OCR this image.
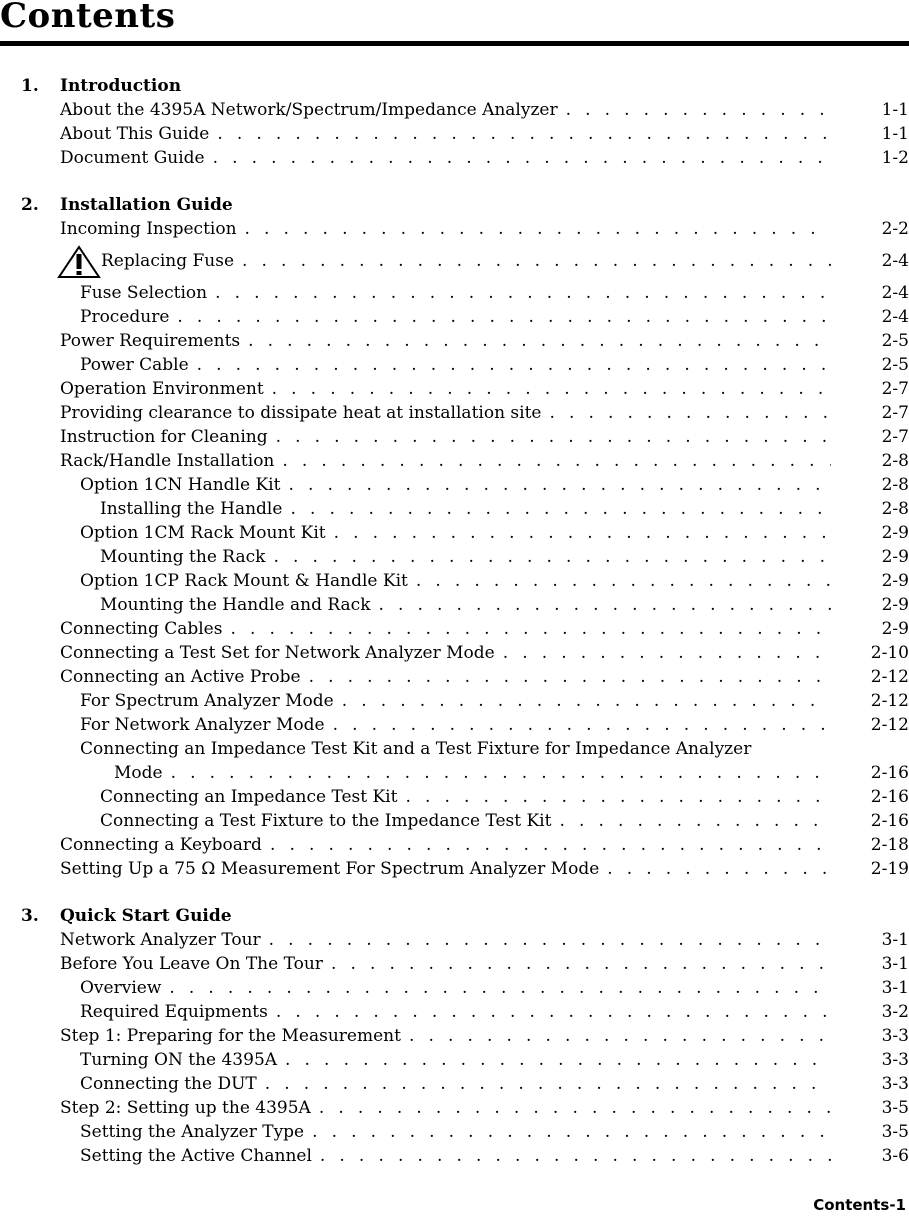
Contents
1. Introduction
About the 4395A Network/Spectrum/Impedance Analyzer . . .	1-1
About This Guide . . .	1-1
Document Guide . . .	1-2
2. Installation Guide
Incoming Inspection . . .	2-2
Replacing Fuse . . .	2-4
Fuse Selection . . .	2-4
Procedure . . .	2-4
Power Requirements . . .	2-5
Power Cable . . .	2-5
Operation Environment . . .	2-7
Providing clearance to dissipate heat at installation site . . .	2-7
Instruction for Cleaning . . .	2-7
Rack/Handle Installation . . .	2-8
Option 1CN Handle Kit . . .	2-8
Installing the Handle . . .	2-8
Option 1CM Rack Mount Kit . . .	2-9
Mounting the Rack . . .	2-9
Option 1CP Rack Mount & Handle Kit . . .	2-9
Mounting the Handle and Rack . . .	2-9
Connecting Cables . . .	2-9
Connecting a Test Set for Network Analyzer Mode . . .	2-10
Connecting an Active Probe . . .	2-12
For Spectrum Analyzer Mode . . .	2-12
For Network Analyzer Mode . . .	2-12
Connecting an Impedance Test Kit and a Test Fixture for Impedance Analyzer
Mode . . .	2-16
Connecting an Impedance Test Kit . . .	2-16
Connecting a Test Fixture to the Impedance Test Kit . . .	2-16
Connecting a Keyboard . . .	2-18
Setting Up a 75 Ω Measurement For Spectrum Analyzer Mode . . .	2-19
3. Quick Start Guide
Network Analyzer Tour . . .	3-1
Before You Leave On The Tour . . .	3-1
Overview . . .	3-1
Required Equipments . . .	3-2
Step 1: Preparing for the Measurement . . .	3-3
Turning ON the 4395A . . .	3-3
Connecting the DUT . . .	3-3
Step 2: Setting up the 4395A . . .	3-5
Setting the Analyzer Type . . .	3-5
Setting the Active Channel . . .	3-6
Contents-1
